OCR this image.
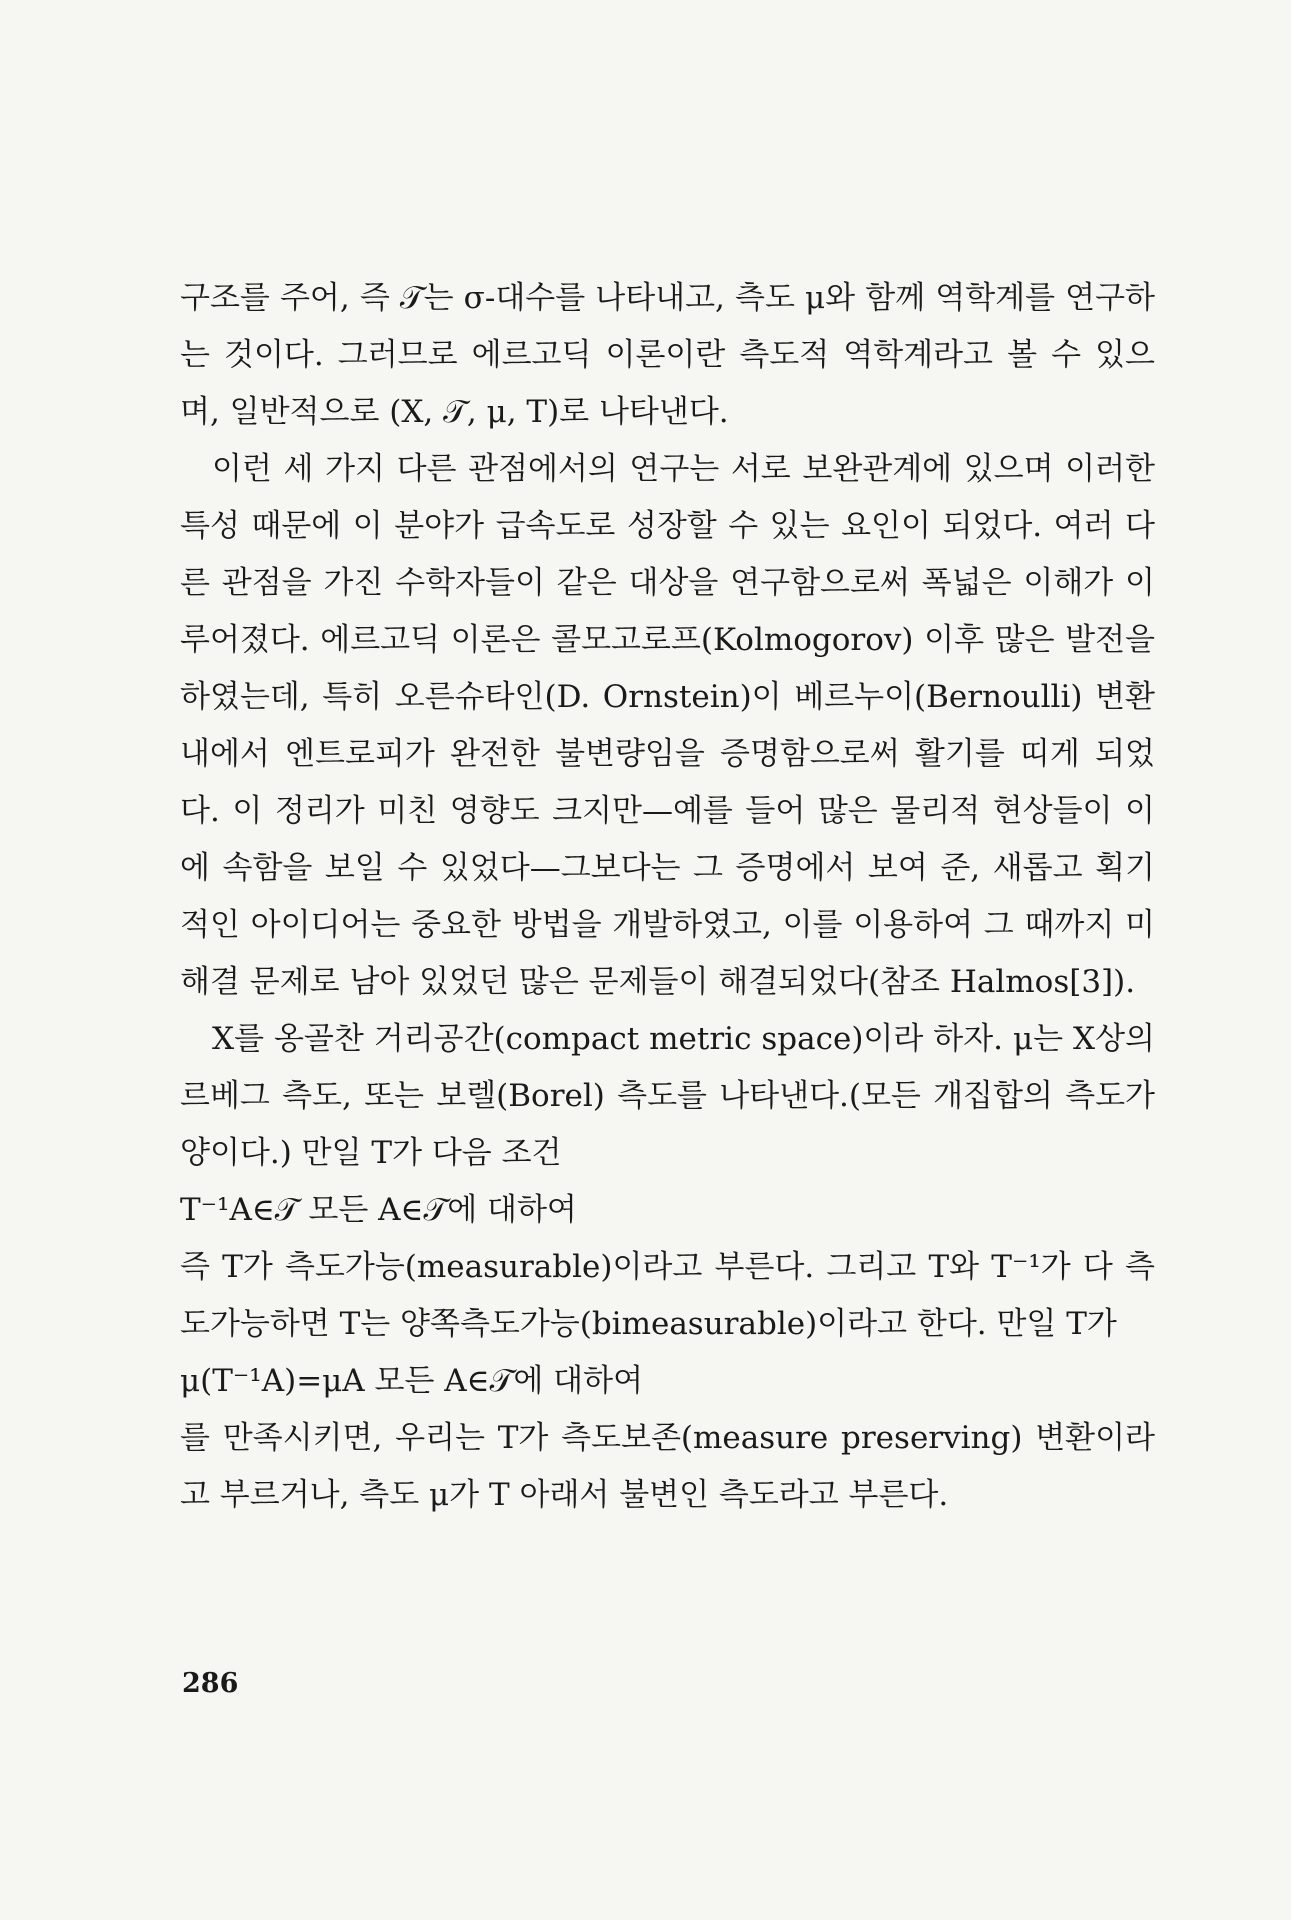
구조를 주어, 즉 𝒯는 σ-대수를 나타내고, 측도 μ와 함께 역학계를 연구하는 것이다. 그러므로 에르고딕 이론이란 측도적 역학계라고 볼 수 있으며, 일반적으로 (X, 𝒯, μ, T)로 나타낸다.

이런 세 가지 다른 관점에서의 연구는 서로 보완관계에 있으며 이러한 특성 때문에 이 분야가 급속도로 성장할 수 있는 요인이 되었다. 여러 다른 관점을 가진 수학자들이 같은 대상을 연구함으로써 폭넓은 이해가 이루어졌다. 에르고딕 이론은 콜모고로프(Kolmogorov) 이후 많은 발전을 하였는데, 특히 오른슈타인(D. Ornstein)이 베르누이(Bernoulli) 변환 내에서 엔트로피가 완전한 불변량임을 증명함으로써 활기를 띠게 되었다. 이 정리가 미친 영향도 크지만—예를 들어 많은 물리적 현상들이 이에 속함을 보일 수 있었다—그보다는 그 증명에서 보여 준, 새롭고 획기적인 아이디어는 중요한 방법을 개발하였고, 이를 이용하여 그 때까지 미해결 문제로 남아 있었던 많은 문제들이 해결되었다(참조 Halmos[3]).

X를 옹골찬 거리공간(compact metric space)이라 하자. μ는 X상의 르베그 측도, 또는 보렐(Borel) 측도를 나타낸다.(모든 개집합의 측도가 양이다.) 만일 T가 다음 조건

T⁻¹A∈𝒯 모든 A∈𝒯에 대하여

즉 T가 측도가능(measurable)이라고 부른다. 그리고 T와 T⁻¹가 다 측도가능하면 T는 양쪽측도가능(bimeasurable)이라고 한다. 만일 T가

μ(T⁻¹A)=μA 모든 A∈𝒯에 대하여

를 만족시키면, 우리는 T가 측도보존(measure preserving) 변환이라고 부르거나, 측도 μ가 T 아래서 불변인 측도라고 부른다.

286
